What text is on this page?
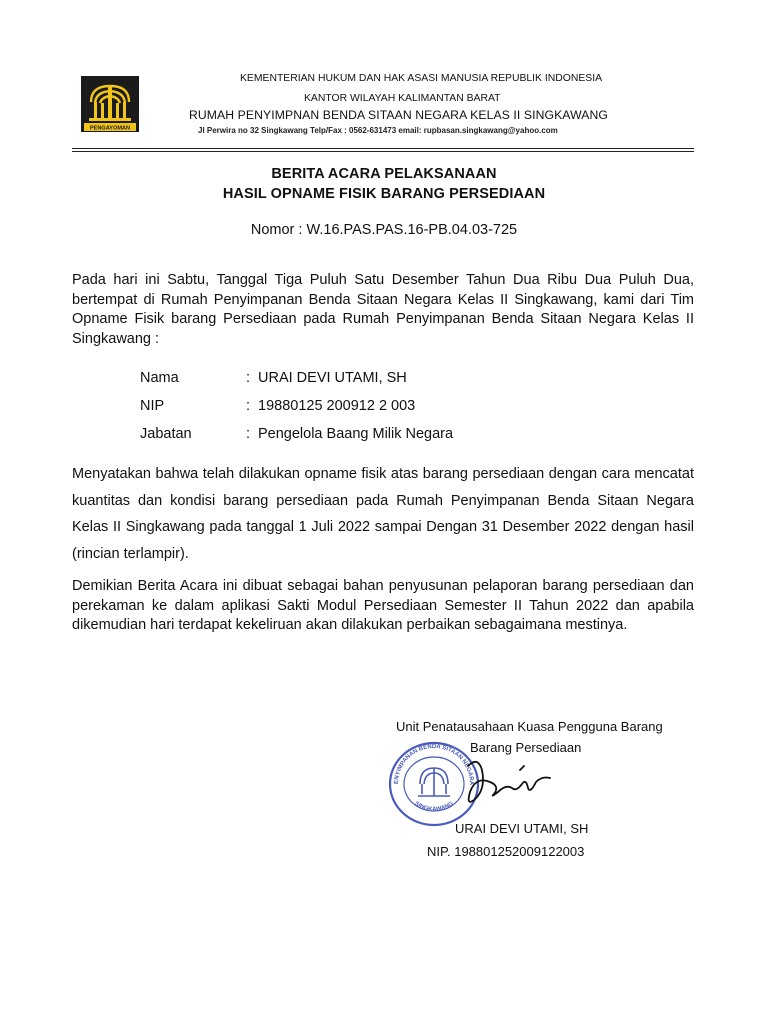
PENGAYOMAN
KEMENTERIAN HUKUM DAN HAK ASASI MANUSIA REPUBLIK INDONESIA
KANTOR WILAYAH KALIMANTAN BARAT
RUMAH PENYIMPNAN BENDA SITAAN NEGARA KELAS II SINGKAWANG
Jl Perwira no 32 Singkawang Telp/Fax : 0562-631473 email: rupbasan.singkawang@yahoo.com
BERITA ACARA PELAKSANAAN
HASIL OPNAME FISIK BARANG PERSEDIAAN
Nomor : W.16.PAS.PAS.16-PB.04.03-725
Pada hari ini Sabtu, Tanggal Tiga Puluh Satu Desember Tahun Dua Ribu Dua Puluh Dua, bertempat di Rumah Penyimpanan Benda Sitaan Negara Kelas II Singkawang, kami dari Tim Opname Fisik barang Persediaan pada Rumah Penyimpanan Benda Sitaan Negara Kelas II Singkawang :
Nama	: URAI DEVI UTAMI, SH
NIP	: 19880125 200912 2 003
Jabatan	: Pengelola Baang Milik Negara
Menyatakan bahwa telah dilakukan opname fisik atas barang persediaan dengan cara mencatat kuantitas dan kondisi barang persediaan pada Rumah Penyimpanan Benda Sitaan Negara Kelas II Singkawang pada tanggal 1 Juli 2022 sampai Dengan 31 Desember 2022 dengan hasil (rincian terlampir).
Demikian Berita Acara ini dibuat sebagai bahan penyusunan pelaporan barang persediaan dan perekaman ke dalam aplikasi Sakti Modul Persediaan Semester II Tahun 2022 dan apabila dikemudian hari terdapat kekeliruan akan dilakukan perbaikan sebagaimana mestinya.
Unit Penatausahaan Kuasa Pengguna Barang
Barang Persediaan
ENYIMPANAN BENDA SITAAN NEGARA
SINGKAWANG
URAI DEVI UTAMI, SH
NIP. 198801252009122003
